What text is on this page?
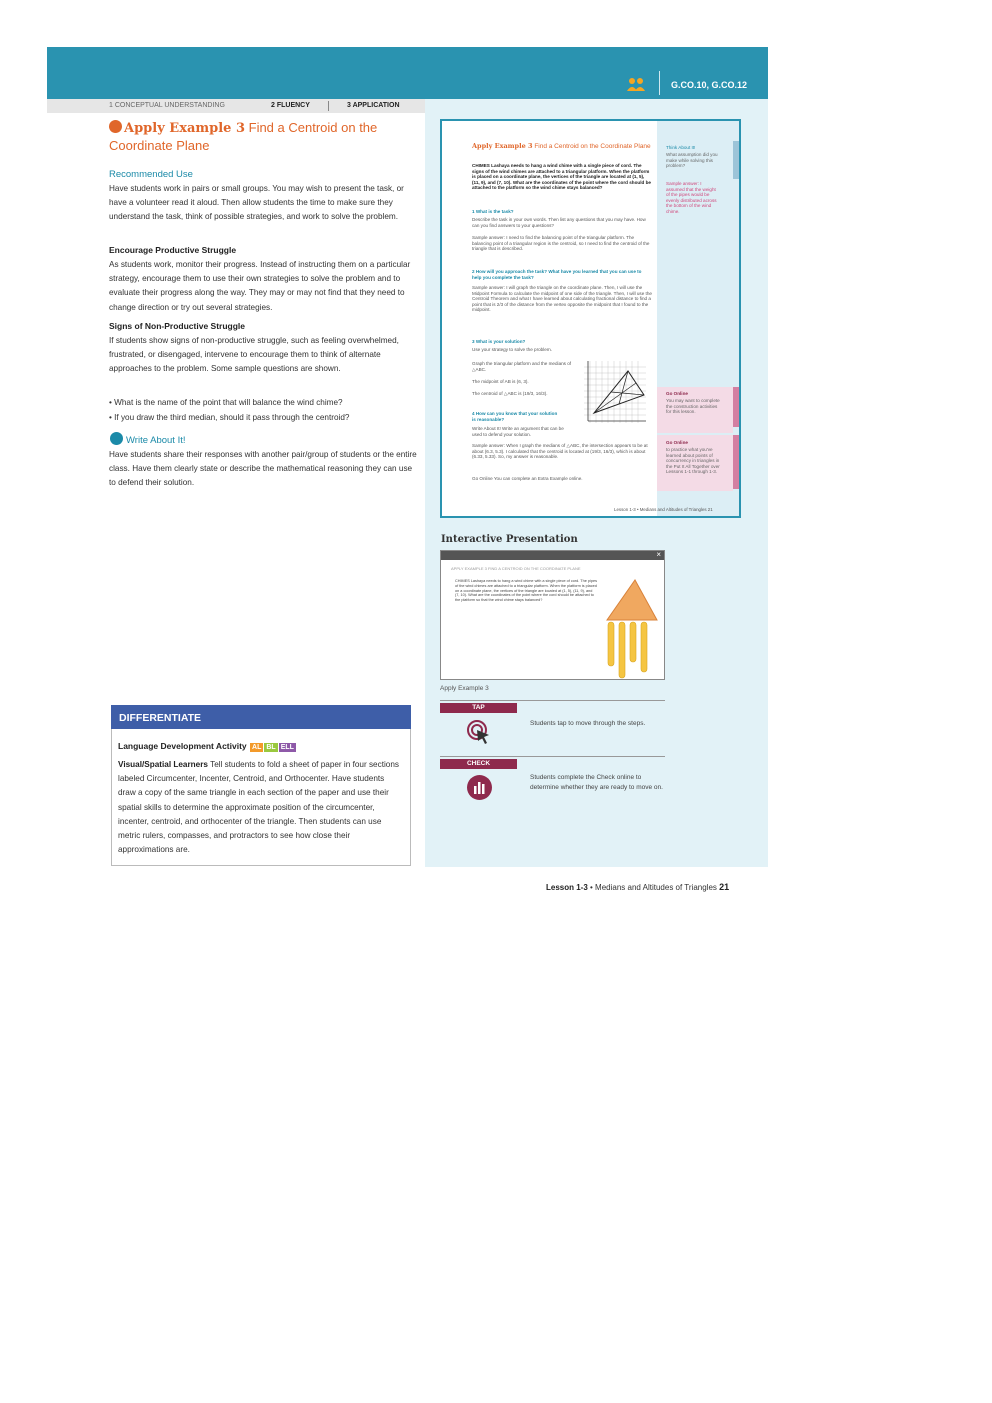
G.CO.10, G.CO.12
1 CONCEPTUAL UNDERSTANDING	2 FLUENCY	3 APPLICATION
Apply Example 3 Find a Centroid on the Coordinate Plane
Recommended Use
Have students work in pairs or small groups. You may wish to present the task, or have a volunteer read it aloud. Then allow students the time to make sure they understand the task, think of possible strategies, and work to solve the problem.
Encourage Productive Struggle
As students work, monitor their progress. Instead of instructing them on a particular strategy, encourage them to use their own strategies to solve the problem and to evaluate their progress along the way. They may or may not find that they need to change direction or try out several strategies.
Signs of Non-Productive Struggle
If students show signs of non-productive struggle, such as feeling overwhelmed, frustrated, or disengaged, intervene to encourage them to think of alternate approaches to the problem. Some sample questions are shown.
• What is the name of the point that will balance the wind chime?
• If you draw the third median, should it pass through the centroid?
Write About It!
Have students share their responses with another pair/group of students or the entire class. Have them clearly state or describe the mathematical reasoning they can use to defend their solution.
DIFFERENTIATE
Language Development Activity AL BL ELL
Visual/Spatial Learners Tell students to fold a sheet of paper in four sections labeled Circumcenter, Incenter, Centroid, and Orthocenter. Have students draw a copy of the same triangle in each section of the paper and use their spatial skills to determine the approximate position of the circumcenter, incenter, centroid, and orthocenter of the triangle. Then students can use metric rulers, compasses, and protractors to see how close their approximations are.
Think About It!
What assumption did you make while solving this problem?
Sample answer: I assumed that the weight of the pipes would be evenly distributed across the bottom of the wind chime.
Go Online
You may want to complete the construction activities for this lesson.
Go Online
to practice what you've learned about points of concurrency in triangles in the Put It All Together over Lessons 1-1 through 1-3.
Apply Example 3 Find a Centroid on the Coordinate Plane
CHIMES Lashaya needs to hang a wind chime with a single piece of cord. The signs of the wind chimes are attached to a triangular platform. When the platform is placed on a coordinate plane, the vertices of the triangle are located at (1, 5), (11, 9), and (7, 10). What are the coordinates of the point where the cord should be attached to the platform so the wind chime stays balanced?
1 What is the task?
Describe the task in your own words. Then list any questions that you may have. How can you find answers to your questions?
Sample answer: I need to find the balancing point of the triangular platform. The balancing point of a triangular region is the centroid, so I need to find the centroid of the triangle that is described.
2 How will you approach the task? What have you learned that you can use to help you complete the task?
Sample answer: I will graph the triangle on the coordinate plane. Then, I will use the Midpoint Formula to calculate the midpoint of one side of the triangle. Then, I will use the Centroid Theorem and what I have learned about calculating fractional distance to find a point that is 2/3 of the distance from the vertex opposite the midpoint that I found to the midpoint.
3 What is your solution?
Use your strategy to solve the problem.
Graph the triangular platform and the medians of △ABC.
The midpoint of AB is (6, 3).
The centroid of △ABC is (19/3, 16/3).
4 How can you know that your solution is reasonable?
Write About It! Write an argument that can be used to defend your solution.
Sample answer: When I graph the medians of △ABC, the intersection appears to be at about (6.3, 5.3). I calculated that the centroid is located at (19/3, 16/3), which is about (6.33, 5.33). So, my answer is reasonable.
Go Online You can complete an Extra Example online.
Lesson 1-3 • Medians and Altitudes of Triangles 21
Interactive Presentation
×
APPLY EXAMPLE 3 FIND A CENTROID ON THE COORDINATE PLANE
CHIMES Lashaya needs to hang a wind chime with a single piece of cord. The pipes of the wind chimes are attached to a triangular platform. When the platform is placed on a coordinate plane, the vertices of the triangle are located at (1, 5), (11, 9), and (7, 10). What are the coordinates of the point where the cord should be attached to the platform so that the wind chime stays balanced?
Apply Example 3
TAP
Students tap to move through the steps.
CHECK
Students complete the Check online to determine whether they are ready to move on.
Lesson 1-3 • Medians and Altitudes of Triangles 21
